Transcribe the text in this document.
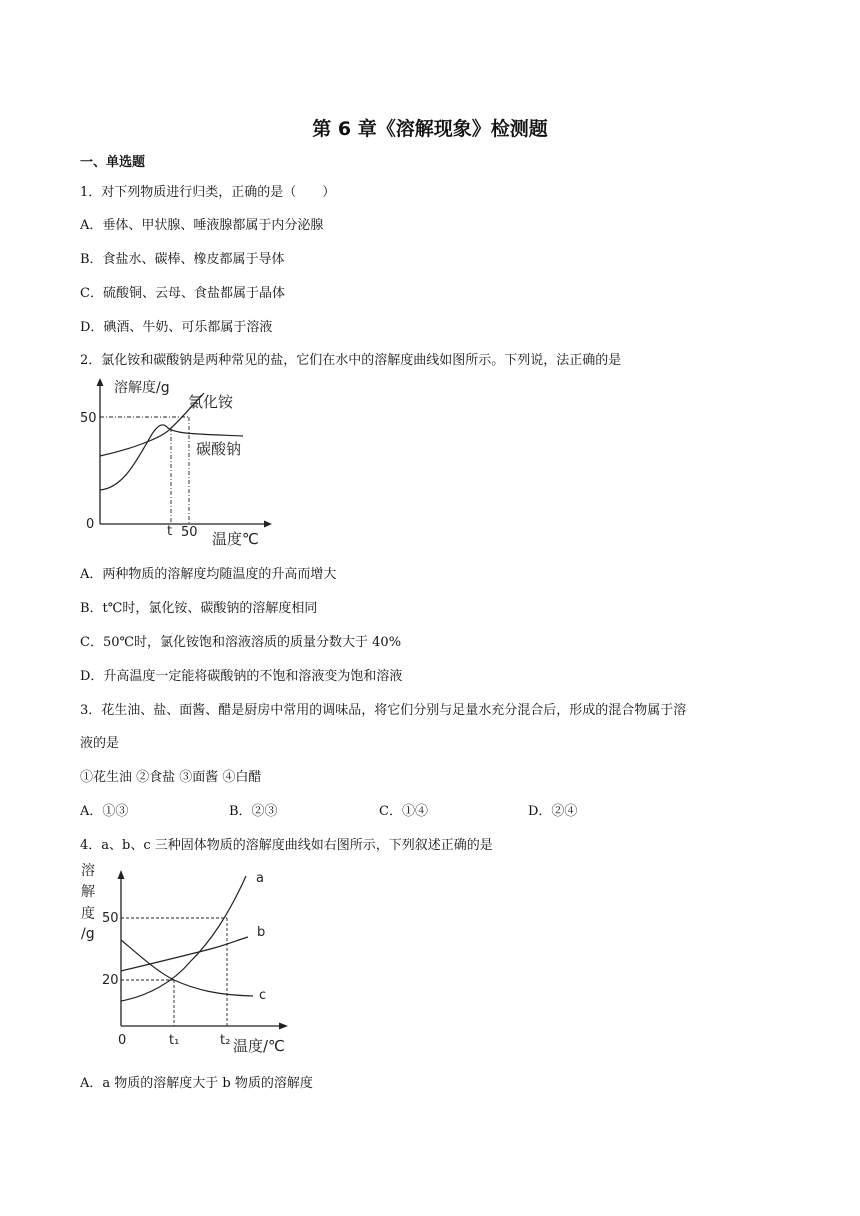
第 6 章《溶解现象》检测题
一、单选题
1．对下列物质进行归类，正确的是（　　）
A．垂体、甲状腺、唾液腺都属于内分泌腺
B．食盐水、碳棒、橡皮都属于导体
C．硫酸铜、云母、食盐都属于晶体
D．碘酒、牛奶、可乐都属于溶液
2．氯化铵和碳酸钠是两种常见的盐，它们在水中的溶解度曲线如图所示。下列说，法正确的是
溶解度/g
氯化铵
碳酸钠
50
0	t 50 温度℃
A．两种物质的溶解度均随温度的升高而增大
B．t℃时，氯化铵、碳酸钠的溶解度相同
C．50℃时，氯化铵饱和溶液溶质的质量分数大于 40%
D．升高温度一定能将碳酸钠的不饱和溶液变为饱和溶液
3．花生油、盐、面酱、醋是厨房中常用的调味品，将它们分别与足量水充分混合后，形成的混合物属于溶
液的是
①花生油 ②食盐 ③面酱 ④白醋
A．①③	B．②③	C．①④	D．②④
4．a、b、c 三种固体物质的溶解度曲线如右图所示，下列叙述正确的是
溶
解
度
/g
50
20
a
b
c
0	t₁	t₂ 温度/℃
A．a 物质的溶解度大于 b 物质的溶解度
